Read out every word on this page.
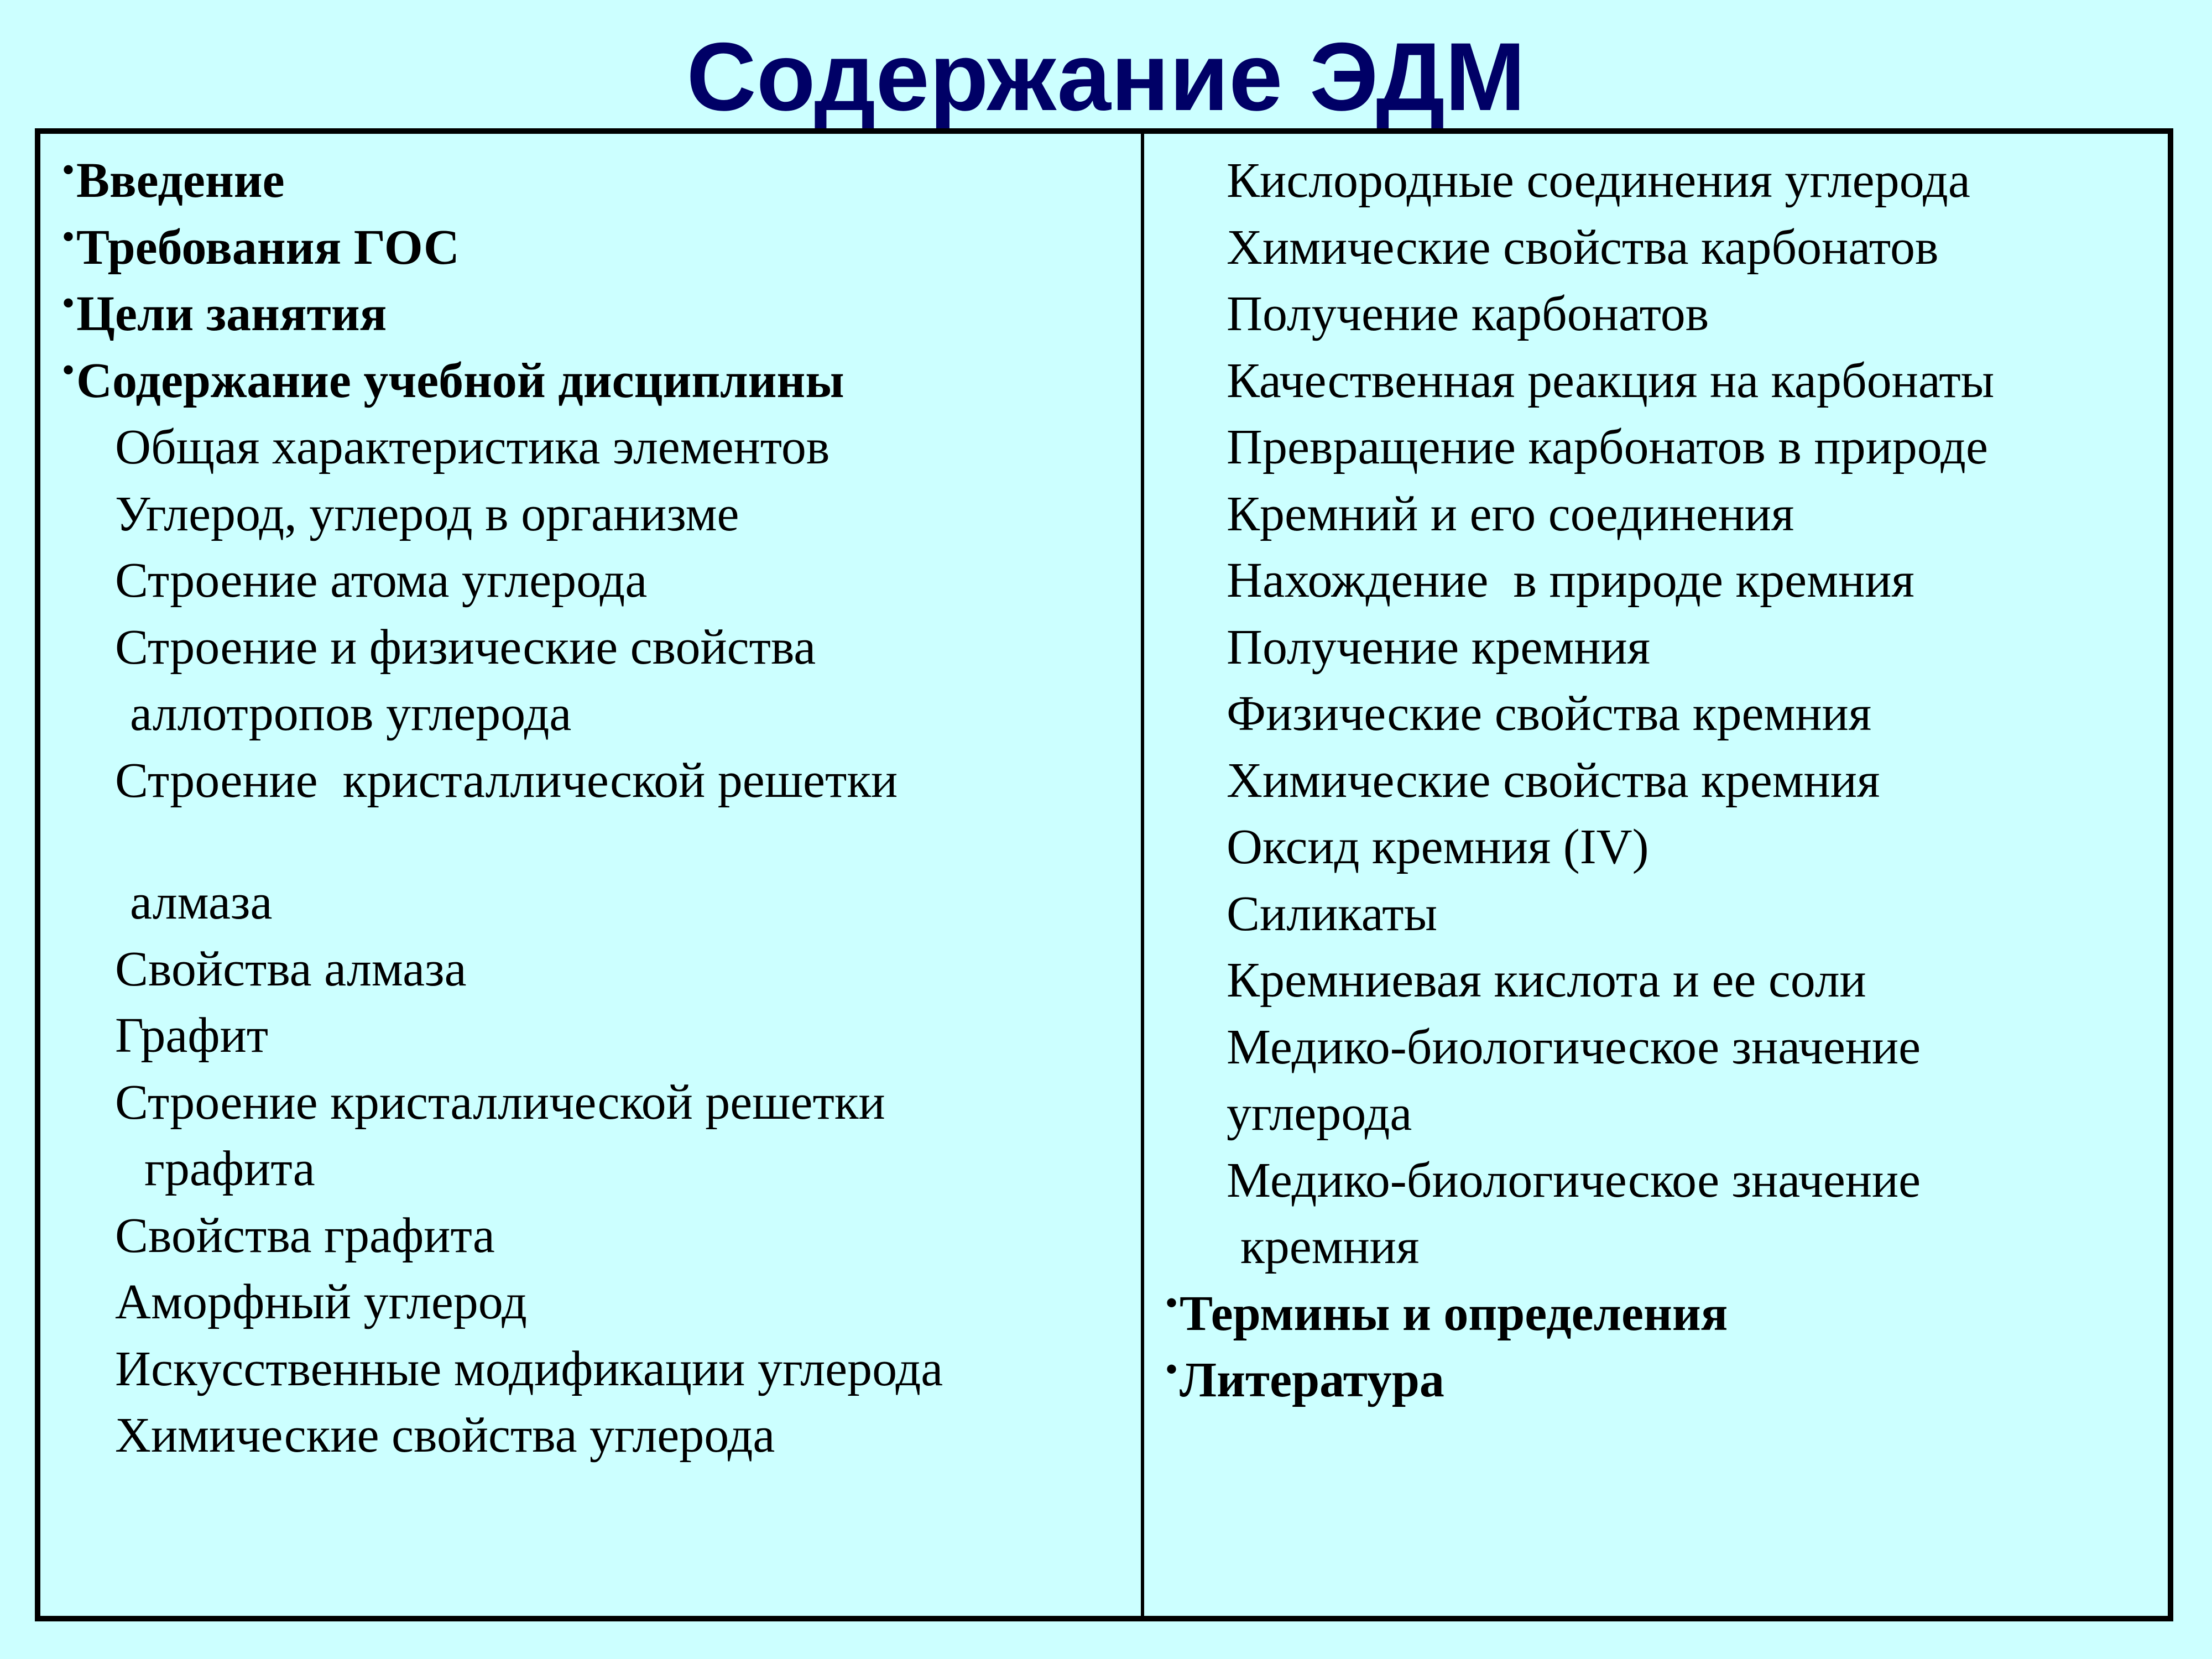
Содержание ЭДМ
•Введение
•Требования ГОС
•Цели занятия
•Содержание учебной дисциплины
Общая характеристика элементов
Углерод, углерод в организме
Строение атома углерода
Строение и физические свойства
аллотропов углерода
Строение  кристаллической решетки
алмаза
Свойства алмаза
Графит
Строение кристаллической решетки
графита
Свойства графита
Аморфный углерод
Искусственные модификации углерода
Химические свойства углерода
Кислородные соединения углерода
Химические свойства карбонатов
Получение карбонатов
Качественная реакция на карбонаты
Превращение карбонатов в природе
Кремний и его соединения
Нахождение  в природе кремния
Получение кремния
Физические свойства кремния
Химические свойства кремния
Оксид кремния (IV)
Силикаты
Кремниевая кислота и ее соли
Медико-биологическое значение
углерода
Медико-биологическое значение
кремния
•Термины и определения
•Литература
